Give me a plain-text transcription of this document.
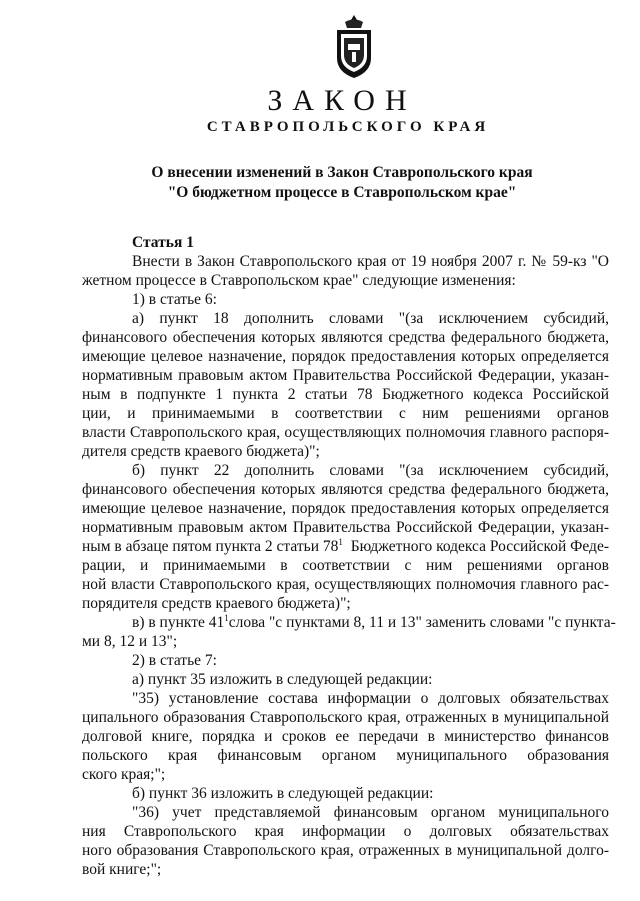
ЗАКОН
СТАВРОПОЛЬСКОГО КРАЯ
О внесении изменений в Закон Ставропольского края
"О бюджетном процессе в Ставропольском крае"
Статья 1
Внести в Закон Ставропольского края от 19 ноября 2007 г. № 59-кз "О
жетном процессе в Ставропольском крае" следующие изменения:
1) в статье 6:
а) пункт 18 дополнить словами "(за исключением субсидий,
финансового обеспечения которых являются средства федерального бюджета,
имеющие целевое назначение, порядок предоставления которых определяется
нормативным правовым актом Правительства Российской Федерации, указан-
ным в подпункте 1 пункта 2 статьи 78 Бюджетного кодекса Российской
ции, и принимаемыми в соответствии с ним решениями органов
власти Ставропольского края, осуществляющих полномочия главного распоря-
дителя средств краевого бюджета)";
б) пункт 22 дополнить словами "(за исключением субсидий,
финансового обеспечения которых являются средства федерального бюджета,
имеющие целевое назначение, порядок предоставления которых определяется
нормативным правовым актом Правительства Российской Федерации, указан-
ным в абзаце пятом пункта 2 статьи $78^1$ Бюджетного кодекса Российской Феде-
рации, и принимаемыми в соответствии с ним решениями органов
ной власти Ставропольского края, осуществляющих полномочия главного рас-
порядителя средств краевого бюджета)";
в) в пункте $41^1$ слова "с пунктами 8, 11 и 13" заменить словами "с пункта-
ми 8, 12 и 13";
2) в статье 7:
а) пункт 35 изложить в следующей редакции:
"35) установление состава информации о долговых обязательствах
ципального образования Ставропольского края, отраженных в муниципальной
долговой книге, порядка и сроков ее передачи в министерство финансов
польского края финансовым органом муниципального образования
ского края;";
б) пункт 36 изложить в следующей редакции:
"36) учет представляемой финансовым органом муниципального
ния Ставропольского края информации о долговых обязательствах
ного образования Ставропольского края, отраженных в муниципальной долго-
вой книге;";
